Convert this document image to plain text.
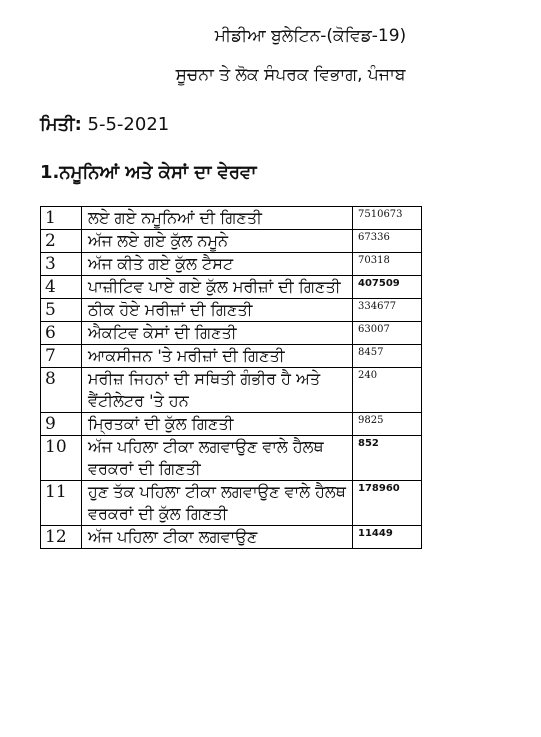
ਮੀਡੀਆ ਬੁਲੇਟਿਨ-(ਕੋਵਿਡ-19)
ਸੂਚਨਾ ਤੇ ਲੋਕ ਸੰਪਰਕ ਵਿਭਾਗ, ਪੰਜਾਬ
ਮਿਤੀ: 5-5-2021
1.ਨਮੂਨਿਆਂ ਅਤੇ ਕੇਸਾਂ ਦਾ ਵੇਰਵਾ
1	ਲਏ ਗਏ ਨਮੂਨਿਆਂ ਦੀ ਗਿਣਤੀ	7510673
2	ਅੱਜ ਲਏ ਗਏ ਕੁੱਲ ਨਮੂਨੇ	67336
3	ਅੱਜ ਕੀਤੇ ਗਏ ਕੁੱਲ ਟੈਸਟ	70318
4	ਪਾਜ਼ੀਟਿਵ ਪਾਏ ਗਏ ਕੁੱਲ ਮਰੀਜ਼ਾਂ ਦੀ ਗਿਣਤੀ	407509
5	ਠੀਕ ਹੋਏ ਮਰੀਜ਼ਾਂ ਦੀ ਗਿਣਤੀ	334677
6	ਐਕਟਿਵ ਕੇਸਾਂ ਦੀ ਗਿਣਤੀ	63007
7	ਆਕਸੀਜਨ 'ਤੇ ਮਰੀਜ਼ਾਂ ਦੀ ਗਿਣਤੀ	8457
8	ਮਰੀਜ਼ ਜਿਹਨਾਂ ਦੀ ਸਥਿਤੀ ਗੰਭੀਰ ਹੈ ਅਤੇ ਵੈਂਟੀਲੇਟਰ 'ਤੇ ਹਨ	240
9	ਮ੍ਰਿਤਕਾਂ ਦੀ ਕੁੱਲ ਗਿਣਤੀ	9825
10	ਅੱਜ ਪਹਿਲਾ ਟੀਕਾ ਲਗਵਾਉਣ ਵਾਲੇ ਹੈਲਥ ਵਰਕਰਾਂ ਦੀ ਗਿਣਤੀ	852
11	ਹੁਣ ਤੱਕ ਪਹਿਲਾ ਟੀਕਾ ਲਗਵਾਉਣ ਵਾਲੇ ਹੈਲਥ ਵਰਕਰਾਂ ਦੀ ਕੁੱਲ ਗਿਣਤੀ	178960
12	ਅੱਜ ਪਹਿਲਾ ਟੀਕਾ ਲਗਵਾਉਣ	11449
